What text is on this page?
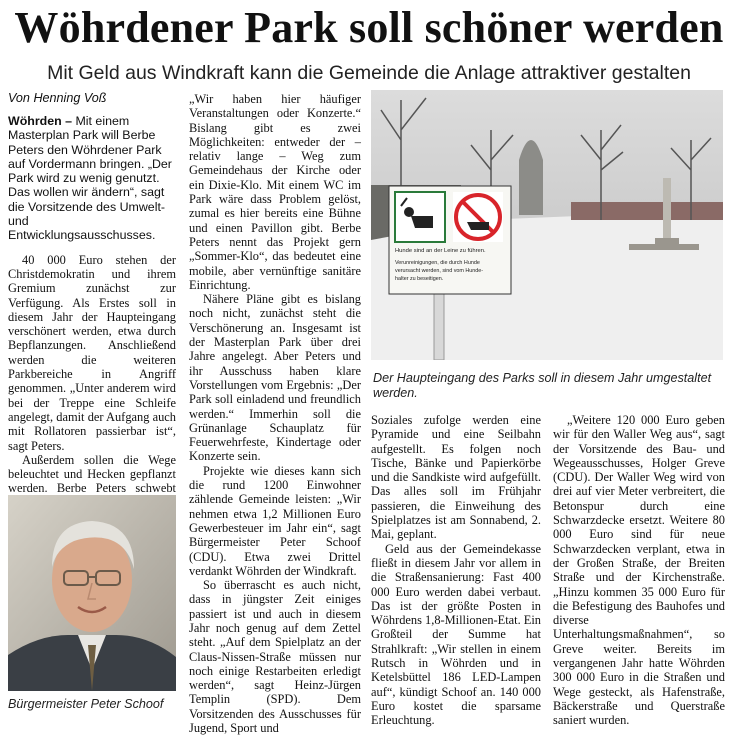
Wöhrdener Park soll schöner werden
Mit Geld aus Windkraft kann die Gemeinde die Anlage attraktiver gestalten
Von Henning Voß
Wöhrden – Mit einem Masterplan Park will Berbe Peters den Wöhrdener Park auf Vordermann bringen. „Der Park wird zu wenig genutzt. Das wollen wir ändern“, sagt die Vorsitzende des Umwelt- und Entwicklungsausschusses.

40 000 Euro stehen der Christdemokratin und ihrem Gremium zunächst zur Verfügung. Als Erstes soll in diesem Jahr der Haupteingang verschönert werden, etwa durch Bepflanzungen. Anschließend werden die weiteren Parkbereiche in Angriff genommen. „Unter anderem wird bei der Treppe eine Schleife angelegt, damit der Aufgang auch mit Rollatoren passierbar ist“, sagt Peters.

Außerdem sollen die Wege beleuchtet und Hecken gepflanzt werden. Berbe Peters schwebt

Bürgermeister Peter Schoof

„Wir haben hier häufiger Veranstaltungen oder Konzerte.“ Bislang gibt es zwei Möglichkeiten: entweder der – relativ lange – Weg zum Gemeindehaus der Kirche oder ein Dixie-Klo. Mit einem WC im Park wäre dass Problem gelöst, zumal es hier bereits eine Bühne und einen Pavillon gibt. Berbe Peters nennt das Projekt gern „Sommer-Klo“, das bedeutet eine mobile, aber vernünftige sanitäre Einrichtung.

Nähere Pläne gibt es bislang noch nicht, zunächst steht die Verschönerung an. Insgesamt ist der Masterplan Park über drei Jahre angelegt. Aber Peters und ihr Ausschuss haben klare Vorstellungen vom Ergebnis: „Der Park soll einladend und freundlich werden.“ Immerhin soll die Grünanlage Schauplatz für Feuerwehrfeste, Kindertage oder Konzerte sein.

Projekte wie dieses kann sich die rund 1200 Einwohner zählende Gemeinde leisten: „Wir nehmen etwa 1,2 Millionen Euro Gewerbesteuer im Jahr ein“, sagt Bürgermeister Peter Schoof (CDU). Etwa zwei Drittel verdankt Wöhrden der Windkraft.

So überrascht es auch nicht, dass in jüngster Zeit einiges passiert ist und auch in diesem Jahr noch genug auf dem Zettel steht. „Auf dem Spielplatz an der Claus-Nissen-Straße müssen nur noch einige Restarbeiten erledigt werden“, sagt Heinz-Jürgen Templin (SPD). Dem Vorsitzenden des Ausschusses für Jugend, Sport und

Hunde sind an der Leine zu führen.
Verunreinigungen, die durch Hunde
verursacht werden, sind vom Hunde-
halter zu beseitigen.
Der Haupteingang des Parks soll in diesem Jahr umgestaltet werden.

Soziales zufolge werden eine Pyramide und eine Seilbahn aufgestellt. Es folgen noch Tische, Bänke und Papierkörbe und die Sandkiste wird aufgefüllt. Das alles soll im Frühjahr passieren, die Einweihung des Spielplatzes ist am Sonnabend, 2. Mai, geplant.

Geld aus der Gemeindekasse fließt in diesem Jahr vor allem in die Straßensanierung: Fast 400 000 Euro werden dabei verbaut. Das ist der größte Posten in Wöhrdens 1,8-Millionen-Etat. Ein Großteil der Summe hat Strahlkraft: „Wir stellen in einem Rutsch in Wöhrden und in Ketelsbüttel 186 LED-Lampen auf“, kündigt Schoof an. 140 000 Euro kostet die sparsame Erleuchtung.

„Weitere 120 000 Euro geben wir für den Waller Weg aus“, sagt der Vorsitzende des Bau- und Wegeausschusses, Holger Greve (CDU). Der Waller Weg wird von drei auf vier Meter verbreitert, die Betonspur durch eine Schwarzdecke ersetzt. Weitere 80 000 Euro sind für neue Schwarzdecken verplant, etwa in der Großen Straße, der Breiten Straße und der Kirchenstraße. „Hinzu kommen 35 000 Euro für die Befestigung des Bauhofes und diverse Unterhaltungsmaßnahmen“, so Greve weiter. Bereits im vergangenen Jahr hatte Wöhrden 300 000 Euro in die Straßen und Wege gesteckt, als Hafenstraße, Bäckerstraße und Querstraße saniert wurden.
